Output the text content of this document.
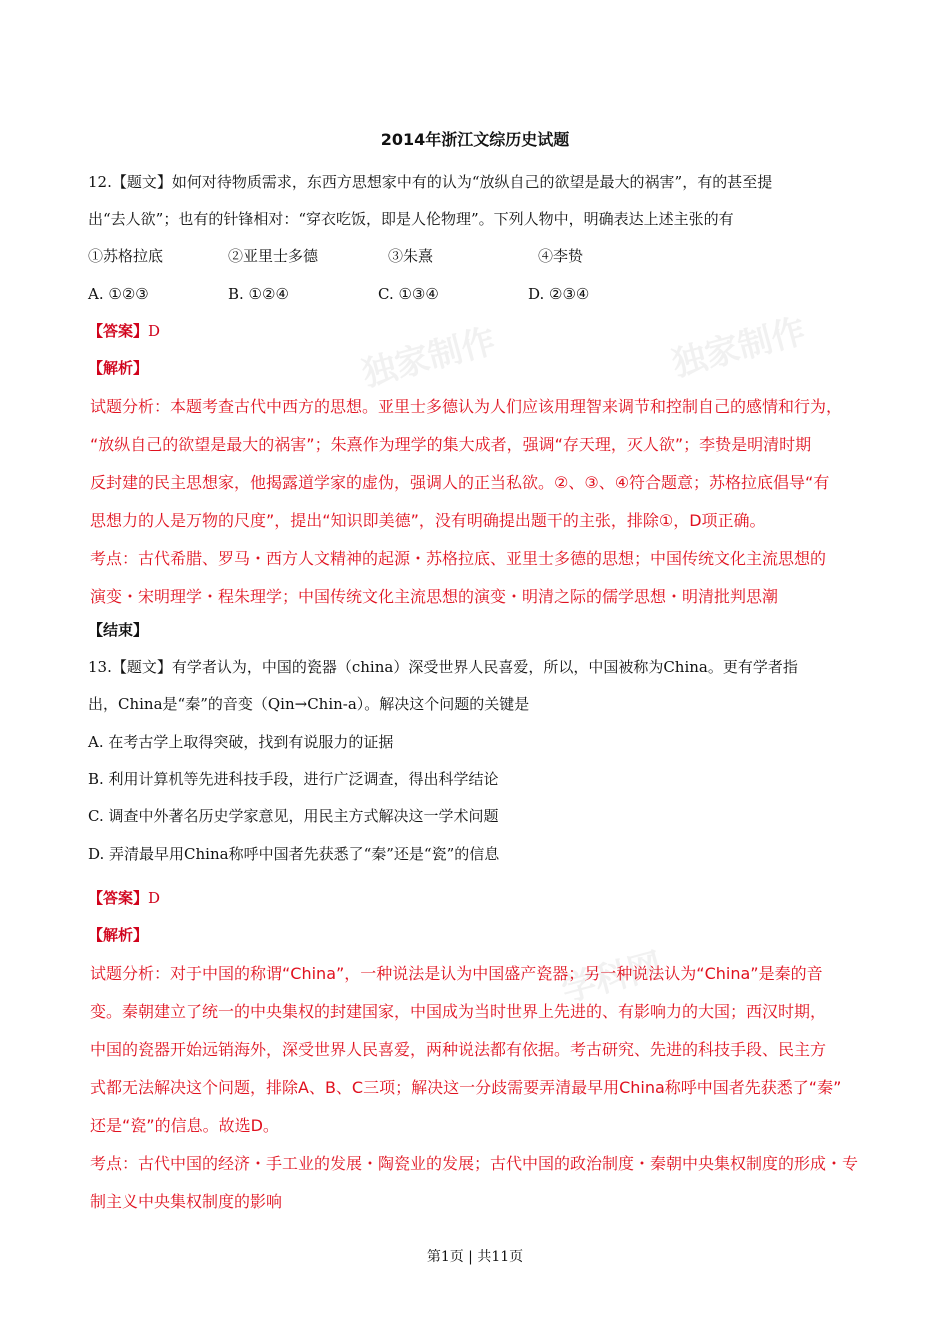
独家制作	独家制作
学科网
2014年浙江文综历史试题
12.【题文】如何对待物质需求，东西方思想家中有的认为“放纵自己的欲望是最大的祸害”，有的甚至提
出“去人欲”；也有的针锋相对：“穿衣吃饭，即是人伦物理”。下列人物中，明确表达上述主张的有
①苏格拉底	②亚里士多德	③朱熹	④李贽
A. ①②③	B. ①②④	C. ①③④	D. ②③④
【答案】D
【解析】

试题分析：本题考查古代中西方的思想。亚里士多德认为人们应该用理智来调节和控制自己的感情和行为，

“放纵自己的欲望是最大的祸害”；朱熹作为理学的集大成者，强调“存天理，灭人欲”；李贽是明清时期

反封建的民主思想家，他揭露道学家的虚伪，强调人的正当私欲。②、③、④符合题意；苏格拉底倡导“有

思想力的人是万物的尺度”，提出“知识即美德”，没有明确提出题干的主张，排除①，D项正确。

考点：古代希腊、罗马・西方人文精神的起源・苏格拉底、亚里士多德的思想；中国传统文化主流思想的

演变・宋明理学・程朱理学；中国传统文化主流思想的演变・明清之际的儒学思想・明清批判思潮

【结束】
13.【题文】有学者认为，中国的瓷器（china）深受世界人民喜爱，所以，中国被称为China。更有学者指
出，China是“秦”的音变（Qin→Chin-a）。解决这个问题的关键是
A. 在考古学上取得突破，找到有说服力的证据
B. 利用计算机等先进科技手段，进行广泛调查，得出科学结论
C. 调查中外著名历史学家意见，用民主方式解决这一学术问题
D. 弄清最早用China称呼中国者先获悉了“秦”还是“瓷”的信息
【答案】D
【解析】

试题分析：对于中国的称谓“China”，一种说法是认为中国盛产瓷器；另一种说法认为“China”是秦的音

变。秦朝建立了统一的中央集权的封建国家，中国成为当时世界上先进的、有影响力的大国；西汉时期，

中国的瓷器开始远销海外，深受世界人民喜爱，两种说法都有依据。考古研究、先进的科技手段、民主方

式都无法解决这个问题，排除A、B、C三项；解决这一分歧需要弄清最早用China称呼中国者先获悉了“秦”

还是“瓷”的信息。故选D。

考点：古代中国的经济・手工业的发展・陶瓷业的发展；古代中国的政治制度・秦朝中央集权制度的形成・专

制主义中央集权制度的影响

第1页 | 共11页
